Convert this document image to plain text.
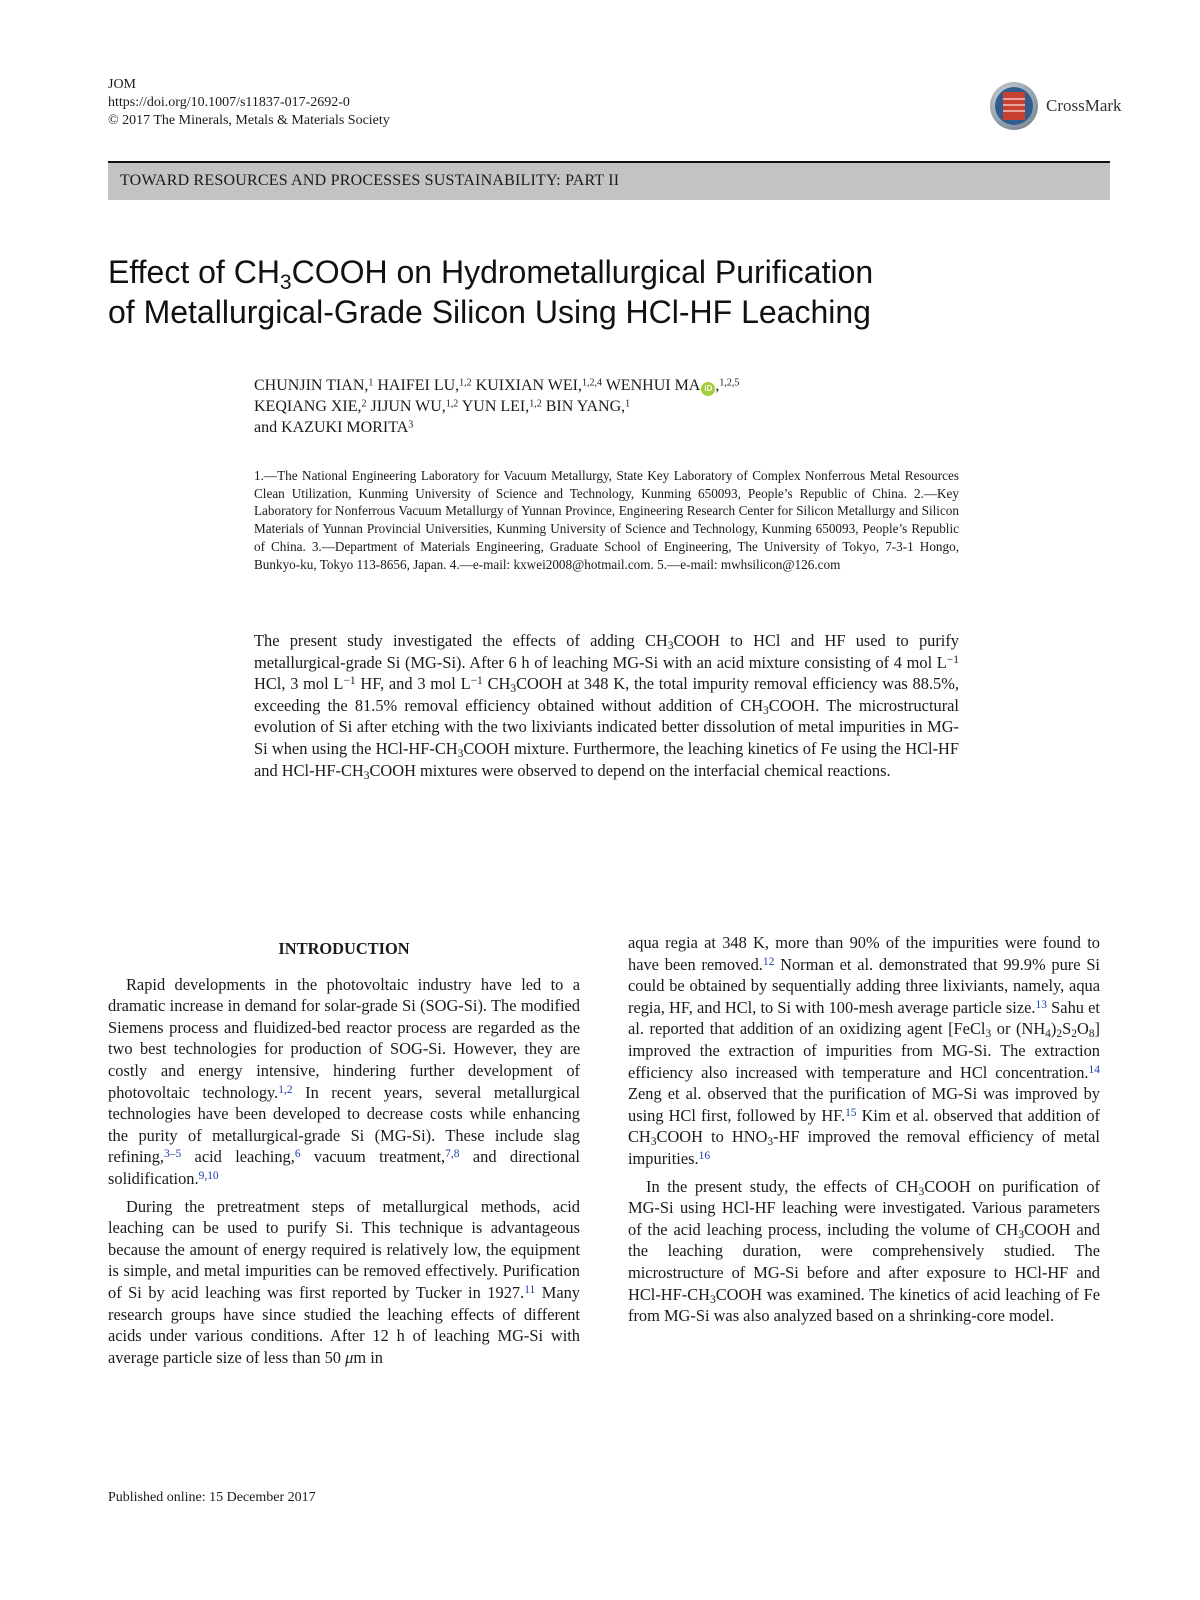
JOM
https://doi.org/10.1007/s11837-017-2692-0
© 2017 The Minerals, Metals & Materials Society
CrossMark
TOWARD RESOURCES AND PROCESSES SUSTAINABILITY: PART II
Effect of $CH_3COOH$ on Hydrometallurgical Purification
of Metallurgical-Grade Silicon Using HCl-HF Leaching
CHUNJIN TIAN,$^1$ HAIFEI LU,$^{1,2}$ KUIXIAN WEI,$^{1,2,4}$ WENHUI MA iD ,$^{1,2,5}$
KEQIANG XIE,$^2$ JIJUN WU,$^{1,2}$ YUN LEI,$^{1,2}$ BIN YANG,$^1$
and KAZUKI MORITA$^3$
1.—The National Engineering Laboratory for Vacuum Metallurgy, State Key Laboratory of Complex Nonferrous Metal Resources Clean Utilization, Kunming University of Science and Technology, Kunming 650093, People’s Republic of China. 2.—Key Laboratory for Nonferrous Vacuum Metallurgy of Yunnan Province, Engineering Research Center for Silicon Metallurgy and Silicon Materials of Yunnan Provincial Universities, Kunming University of Science and Technology, Kunming 650093, People’s Republic of China. 3.—Department of Materials Engineering, Graduate School of Engineering, The University of Tokyo, 7-3-1 Hongo, Bunkyo-ku, Tokyo 113-8656, Japan. 4.—e-mail: kxwei2008@hotmail.com. 5.—e-mail: mwhsilicon@126.com
The present study investigated the effects of adding $CH_3COOH$ to HCl and HF used to purify metallurgical-grade Si (MG-Si). After 6 h of leaching MG-Si with an acid mixture consisting of 4 mol $L^{-1}$ HCl, 3 mol $L^{-1}$ HF, and 3 mol $L^{-1}$ $CH_3COOH$ at 348 K, the total impurity removal efficiency was 88.5%, exceeding the 81.5% removal efficiency obtained without addition of $CH_3COOH$. The microstructural evolution of Si after etching with the two lixiviants indicated better dissolution of metal impurities in MG-Si when using the HCl-$HF-CH_3COOH$ mixture. Furthermore, the leaching kinetics of Fe using the HCl-HF and HCl-$HF-CH_3COOH$ mixtures were observed to depend on the interfacial chemical reactions.
INTRODUCTION

Rapid developments in the photovoltaic industry have led to a dramatic increase in demand for solar-grade Si (SOG-Si). The modified Siemens process and fluidized-bed reactor process are regarded as the two best technologies for production of SOG-Si. However, they are costly and energy intensive, hindering further development of photovoltaic technology.$^{1,2}$ In recent years, several metallurgical technologies have been developed to decrease costs while enhancing the purity of metallurgical-grade Si (MG-Si). These include slag refining,$^{3-5}$ acid leaching,$^6$ vacuum treatment,$^{7,8}$ and directional solidification.$^{9,10}$

During the pretreatment steps of metallurgical methods, acid leaching can be used to purify Si. This technique is advantageous because the amount of energy required is relatively low, the equipment is simple, and metal impurities can be removed effectively. Purification of Si by acid leaching was first reported by Tucker in 1927.11 Many research groups have since studied the leaching effects of different acids under various conditions. After 12 h of leaching MG-Si with average particle size of less than 50 μm in

aqua regia at 348 K, more than 90% of the impurities were found to have been removed.$^{12}$ Norman et al. demonstrated that 99.9% pure Si could be obtained by sequentially adding three lixiviants, namely, aqua regia, HF, and HCl, to Si with 100-mesh average particle size.$^{13}$ Sahu et al. reported that addition of an oxidizing agent [FeCl$_3$ or $(NH_4)_2S_2O_8$] improved the extraction of impurities from MG-Si. The extraction efficiency also increased with temperature and HCl concentration.$^{14}$ Zeng et al. observed that the purification of MG-Si was improved by using HCl first, followed by HF.$^{15}$ Kim et al. observed that addition of $CH_3COOH$ to $HNO_3-HF$ improved the removal efficiency of metal impurities.$^{16}$

In the present study, the effects of $CH_3COOH$ on purification of MG-Si using HCl-HF leaching were investigated. Various parameters of the acid leaching process, including the volume of $CH_3COOH$ and the leaching duration, were comprehensively studied. The microstructure of MG-Si before and after exposure to HCl-HF and HCl-$HF-CH_3COOH$ was examined. The kinetics of acid leaching of Fe from MG-Si was also analyzed based on a shrinking-core model.

Published online: 15 December 2017
